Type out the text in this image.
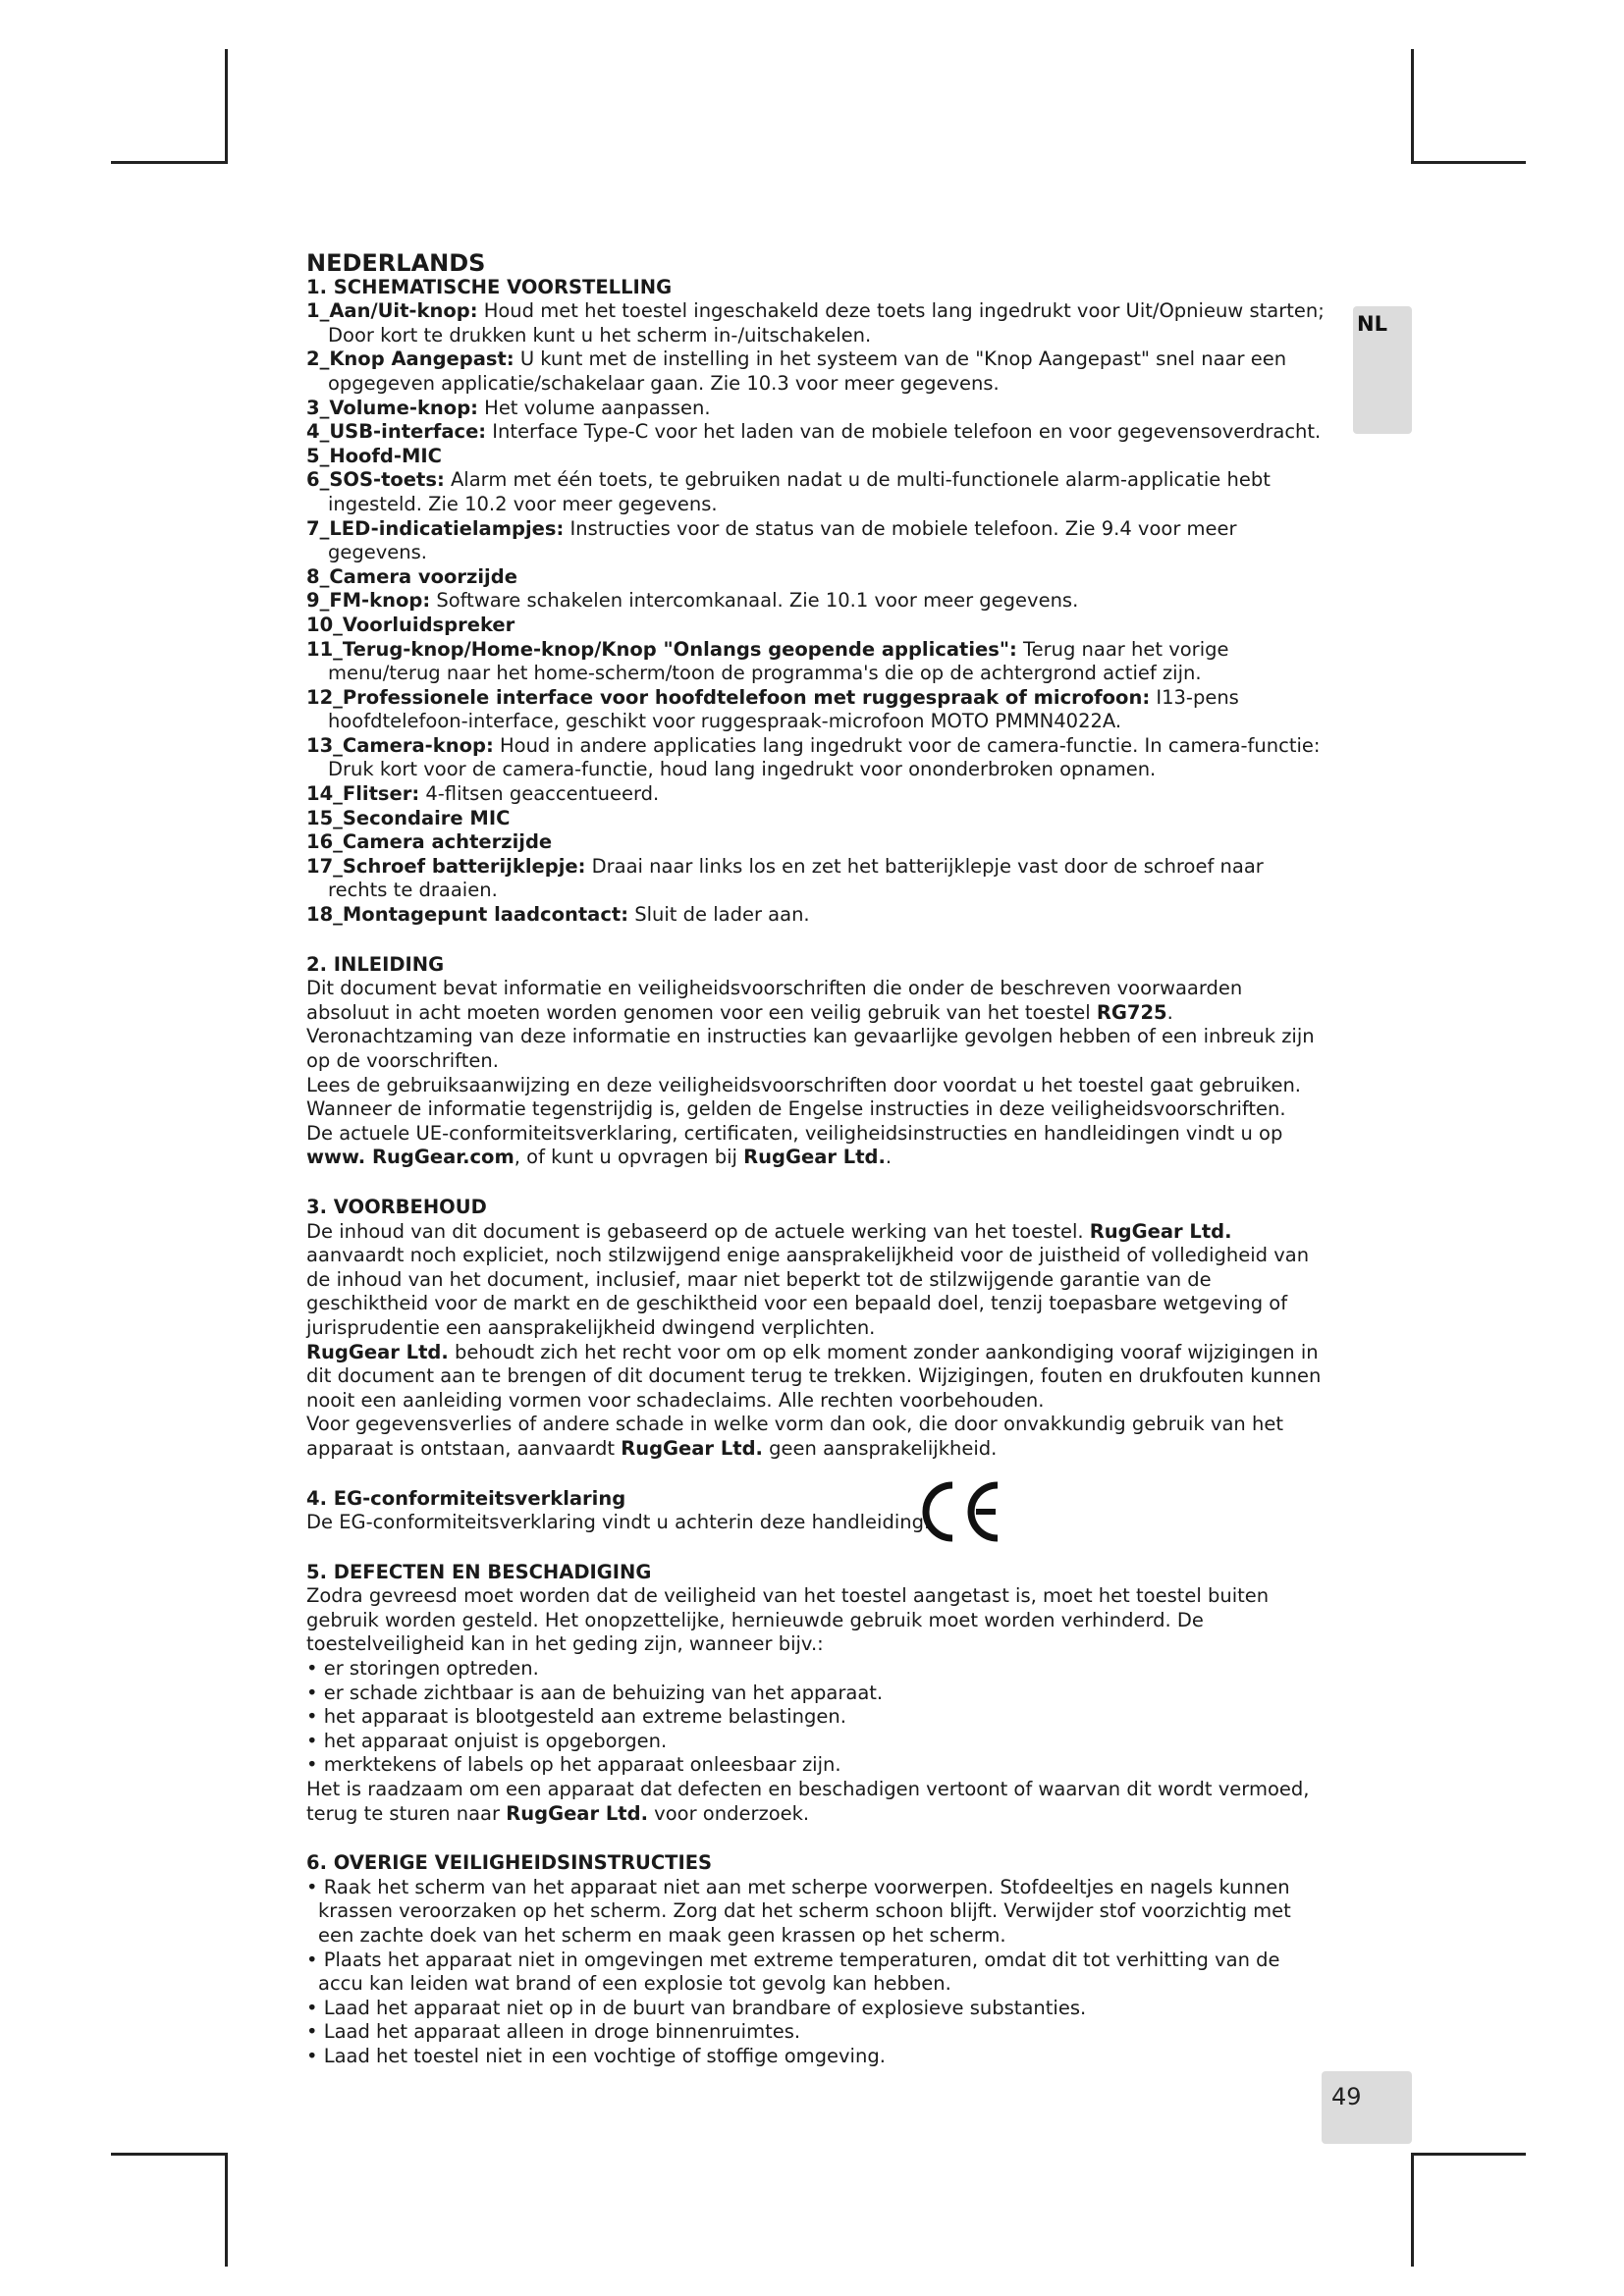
NL
49

NEDERLANDS

1. SCHEMATISCHE VOORSTELLING

1_Aan/Uit-knop: Houd met het toestel ingeschakeld deze toets lang ingedrukt voor Uit/Opnieuw starten; Door kort te drukken kunt u het scherm in-/uitschakelen.

2_Knop Aangepast: U kunt met de instelling in het systeem van de "Knop Aangepast" snel naar een opgegeven applicatie/schakelaar gaan. Zie 10.3 voor meer gegevens.

3_Volume-knop: Het volume aanpassen.

4_USB-interface: Interface Type-C voor het laden van de mobiele telefoon en voor gegevensoverdracht.

5_Hoofd-MIC

6_SOS-toets: Alarm met één toets, te gebruiken nadat u de multi-functionele alarm-applicatie hebt ingesteld. Zie 10.2 voor meer gegevens.

7_LED-indicatielampjes: Instructies voor de status van de mobiele telefoon. Zie 9.4 voor meer gegevens.

8_Camera voorzijde

9_FM-knop: Software schakelen intercomkanaal. Zie 10.1 voor meer gegevens.

10_Voorluidspreker

11_Terug-knop/Home-knop/Knop "Onlangs geopende applicaties": Terug naar het vorige menu/terug naar het home-scherm/toon de programma's die op de achtergrond actief zijn.

12_Professionele interface voor hoofdtelefoon met ruggespraak of microfoon: I13-pens hoofdtelefoon-interface, geschikt voor ruggespraak-microfoon MOTO PMMN4022A.

13_Camera-knop: Houd in andere applicaties lang ingedrukt voor de camera-functie. In camera-functie: Druk kort voor de camera-functie, houd lang ingedrukt voor ononderbroken opnamen.

14_Flitser: 4-flitsen geaccentueerd.

15_Secondaire MIC

16_Camera achterzijde

17_Schroef batterijklepje: Draai naar links los en zet het batterijklepje vast door de schroef naar rechts te draaien.

18_Montagepunt laadcontact: Sluit de lader aan.

2. INLEIDING

Dit document bevat informatie en veiligheidsvoorschriften die onder de beschreven voorwaarden absoluut in acht moeten worden genomen voor een veilig gebruik van het toestel RG725. Veronachtzaming van deze informatie en instructies kan gevaarlijke gevolgen hebben of een inbreuk zijn op de voorschriften.

Lees de gebruiksaanwijzing en deze veiligheidsvoorschriften door voordat u het toestel gaat gebruiken. Wanneer de informatie tegenstrijdig is, gelden de Engelse instructies in deze veiligheidsvoorschriften.

De actuele UE-conformiteitsverklaring, certificaten, veiligheidsinstructies en handleidingen vindt u op www. RugGear.com, of kunt u opvragen bij RugGear Ltd..

3. VOORBEHOUD

De inhoud van dit document is gebaseerd op de actuele werking van het toestel. RugGear Ltd. aanvaardt noch expliciet, noch stilzwijgend enige aansprakelijkheid voor de juistheid of volledigheid van de inhoud van het document, inclusief, maar niet beperkt tot de stilzwijgende garantie van de geschiktheid voor de markt en de geschiktheid voor een bepaald doel, tenzij toepasbare wetgeving of jurisprudentie een aansprakelijkheid dwingend verplichten.

RugGear Ltd. behoudt zich het recht voor om op elk moment zonder aankondiging vooraf wijzigingen in dit document aan te brengen of dit document terug te trekken. Wijzigingen, fouten en drukfouten kunnen nooit een aanleiding vormen voor schadeclaims. Alle rechten voorbehouden.

Voor gegevensverlies of andere schade in welke vorm dan ook, die door onvakkundig gebruik van het apparaat is ontstaan, aanvaardt RugGear Ltd. geen aansprakelijkheid.

4. EG-conformiteitsverklaring

De EG-conformiteitsverklaring vindt u achterin deze handleiding.

5. DEFECTEN EN BESCHADIGING

Zodra gevreesd moet worden dat de veiligheid van het toestel aangetast is, moet het toestel buiten gebruik worden gesteld. Het onopzettelijke, hernieuwde gebruik moet worden verhinderd. De toestelveiligheid kan in het geding zijn, wanneer bijv.:

• er storingen optreden.

• er schade zichtbaar is aan de behuizing van het apparaat.

• het apparaat is blootgesteld aan extreme belastingen.

• het apparaat onjuist is opgeborgen.

• merktekens of labels op het apparaat onleesbaar zijn.

Het is raadzaam om een apparaat dat defecten en beschadigen vertoont of waarvan dit wordt vermoed, terug te sturen naar RugGear Ltd. voor onderzoek.

6. OVERIGE VEILIGHEIDSINSTRUCTIES

• Raak het scherm van het apparaat niet aan met scherpe voorwerpen. Stofdeeltjes en nagels kunnen krassen veroorzaken op het scherm. Zorg dat het scherm schoon blijft. Verwijder stof voorzichtig met een zachte doek van het scherm en maak geen krassen op het scherm.

• Plaats het apparaat niet in omgevingen met extreme temperaturen, omdat dit tot verhitting van de accu kan leiden wat brand of een explosie tot gevolg kan hebben.

• Laad het apparaat niet op in de buurt van brandbare of explosieve substanties.

• Laad het apparaat alleen in droge binnenruimtes.

• Laad het toestel niet in een vochtige of stoffige omgeving.
